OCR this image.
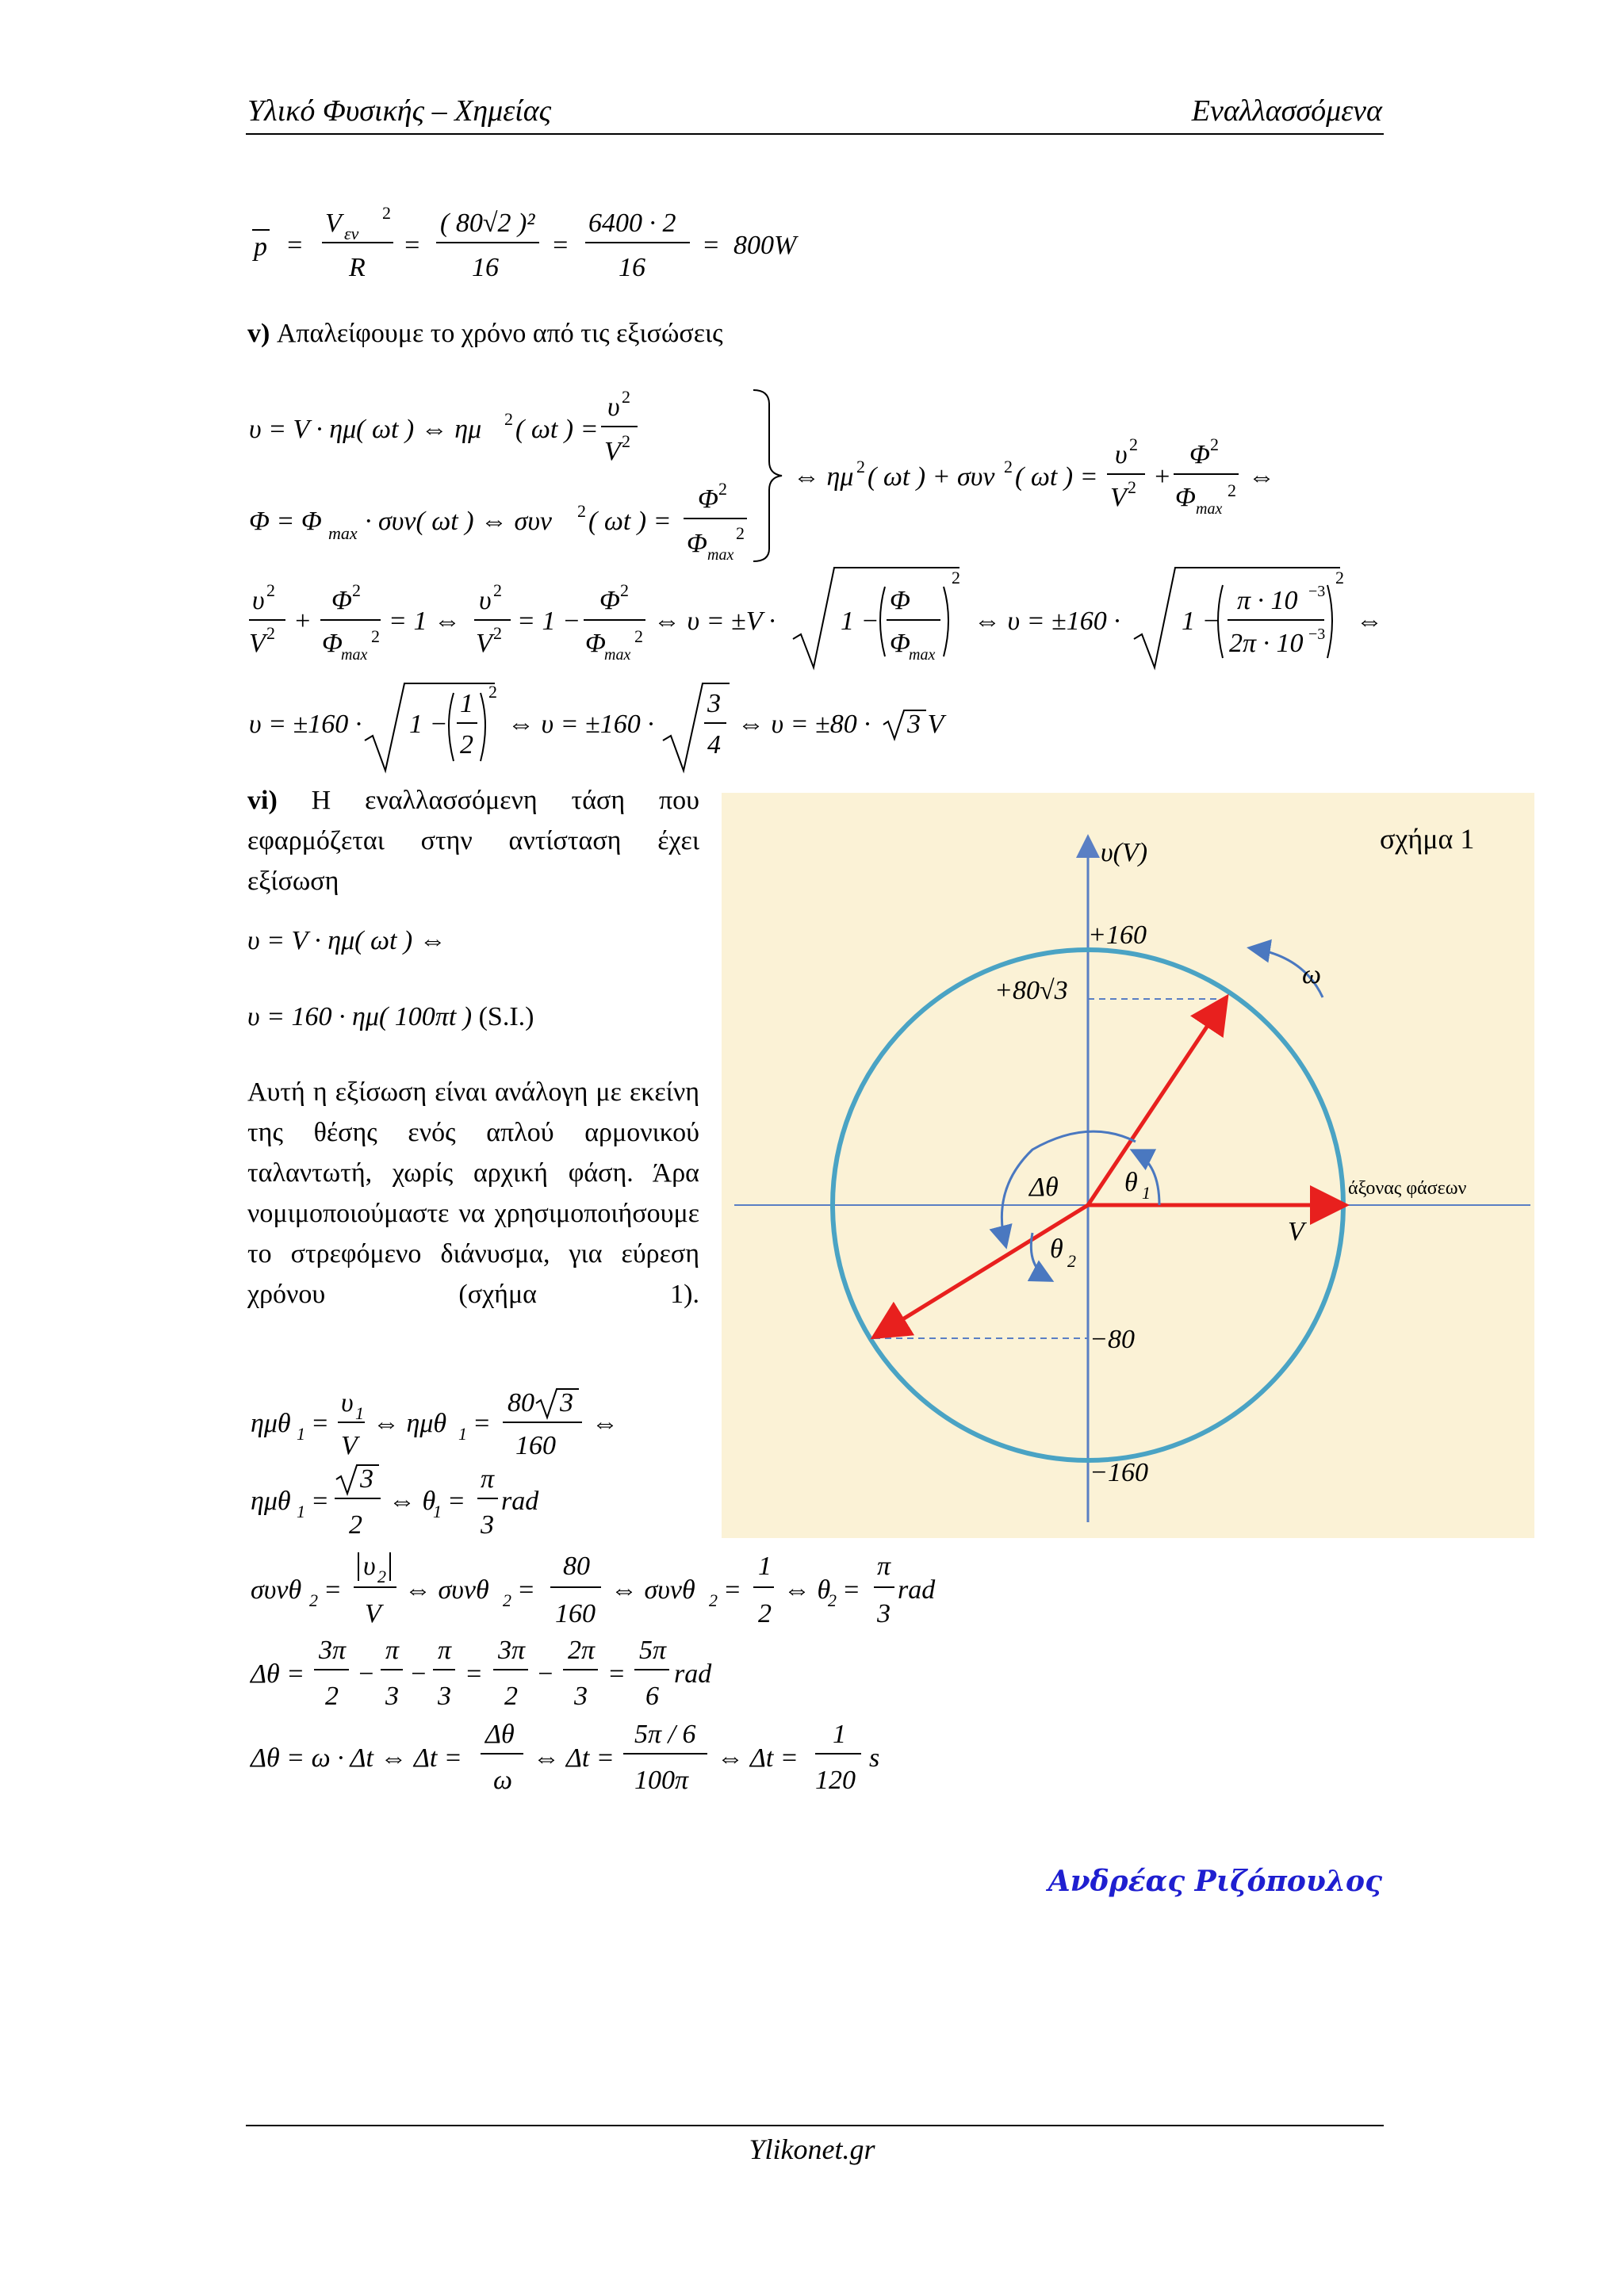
Υλικό Φυσικής – Χημείας	Εναλλασσόμενα
p =
V εν
2
R
=
( 80√2 )²
16
=
6400 · 2
16
= 800W
v) Απαλείφουμε το χρόνο από τις εξισώσεις
υ = V · ημ( ωt ) ⇔ ημ 2 ( ωt ) =
υ 2
V 2
Φ = Φ max · συν( ωt ) ⇔ συν 2 ( ωt ) =
Φ 2
Φ max
2
⇔ ημ 2 ( ωt ) + συν 2 ( ωt ) =
υ 2
V 2 +
Φ 2
Φ max
2 ⇔
υ 2
V 2 +
Φ 2
Φ
max
2
= 1 ⇔
υ 2
V 2 = 1 −
Φ 2
Φ
max
2
⇔ υ = ±V · 1 −
Φ
Φ
max
2
⇔ υ = ±160 · 1 −
π · 10 −3
2π · 10 −3
2
⇔
υ = ±160 · 1 −
1
2
2
⇔ υ = ±160 ·
3
4
⇔ υ = ±80 · 3 V
vi) Η εναλλασσόμενη τάση που εφαρμόζεται στην αντίσταση έχει εξίσωση
υ = V · ημ( ωt ) ⇔
υ = 160 · ημ( 100πt ) (S.I.)
Αυτή η εξίσωση είναι ανάλογη με εκείνη της θέσης ενός απλού αρμονικού ταλαντωτή, χωρίς αρχική φάση. Άρα νομιμοποιούμαστε να χρησιμοποιήσουμε το στρεφόμενο διάνυσμα, για εύρεση χρόνου (σχήμα 1).
υ(V)
+160
+80√3
−80
−160
ω
Δθ θ 1
θ 2
V
σχήμα 1
άξονας φάσεων
ημθ 1 =
υ 1
V
⇔ ημθ 1 =
80 3
160
⇔
ημθ 1 =
3
2
⇔ θ
1 =
π
3
rad
συνθ 2 =
υ 2
V
⇔ συνθ 2 =
80
160
⇔ συνθ 2 =
1
2
⇔ θ
2 =
π
3
rad
Δθ =
3π
2
−
π
3
−
π
3
=
3π
2
−
2π
3
=
5π
6
rad
Δθ = ω · Δt ⇔ Δt =
Δθ
ω
⇔ Δt =
5π / 6
100π
⇔ Δt =
1
120
s
Ανδρέας Ριζόπουλος
Ylikonet.gr
